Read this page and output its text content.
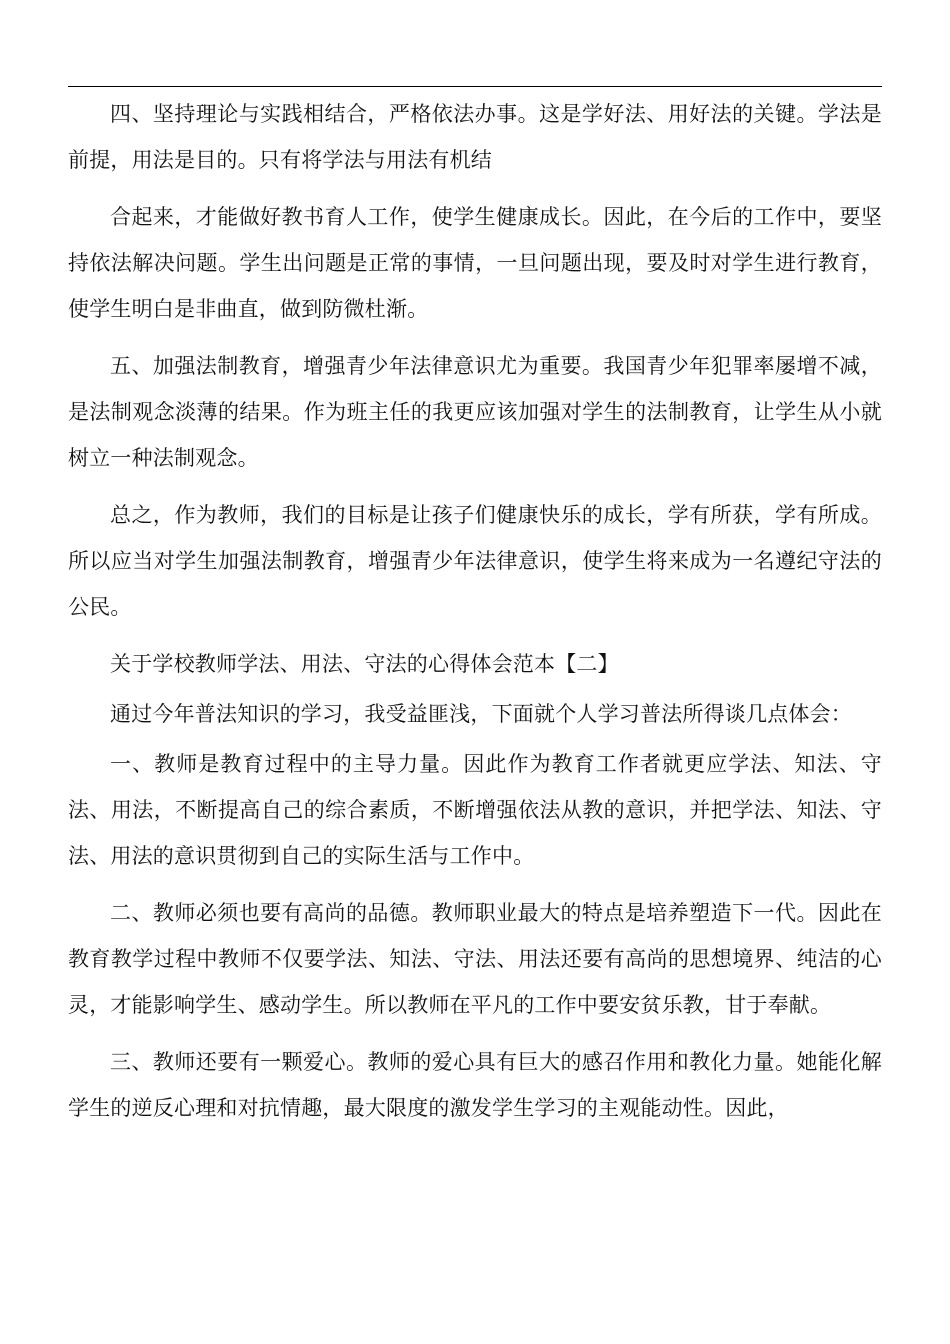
四、坚持理论与实践相结合，严格依法办事。这是学好法、用好法的关键。学法是前提，用法是目的。只有将学法与用法有机结

合起来，才能做好教书育人工作，使学生健康成长。因此，在今后的工作中，要坚持依法解决问题。学生出问题是正常的事情，一旦问题出现，要及时对学生进行教育，使学生明白是非曲直，做到防微杜渐。

五、加强法制教育，增强青少年法律意识尤为重要。我国青少年犯罪率屡增不减，是法制观念淡薄的结果。作为班主任的我更应该加强对学生的法制教育，让学生从小就树立一种法制观念。

总之，作为教师，我们的目标是让孩子们健康快乐的成长，学有所获，学有所成。所以应当对学生加强法制教育，增强青少年法律意识，使学生将来成为一名遵纪守法的公民。

关于学校教师学法、用法、守法的心得体会范本【二】

通过今年普法知识的学习，我受益匪浅，下面就个人学习普法所得谈几点体会：

一、教师是教育过程中的主导力量。因此作为教育工作者就更应学法、知法、守法、用法，不断提高自己的综合素质，不断增强依法从教的意识，并把学法、知法、守法、用法的意识贯彻到自己的实际生活与工作中。

二、教师必须也要有高尚的品德。教师职业最大的特点是培养塑造下一代。因此在教育教学过程中教师不仅要学法、知法、守法、用法还要有高尚的思想境界、纯洁的心灵，才能影响学生、感动学生。所以教师在平凡的工作中要安贫乐教，甘于奉献。

三、教师还要有一颗爱心。教师的爱心具有巨大的感召作用和教化力量。她能化解学生的逆反心理和对抗情趣，最大限度的激发学生学习的主观能动性。因此，
